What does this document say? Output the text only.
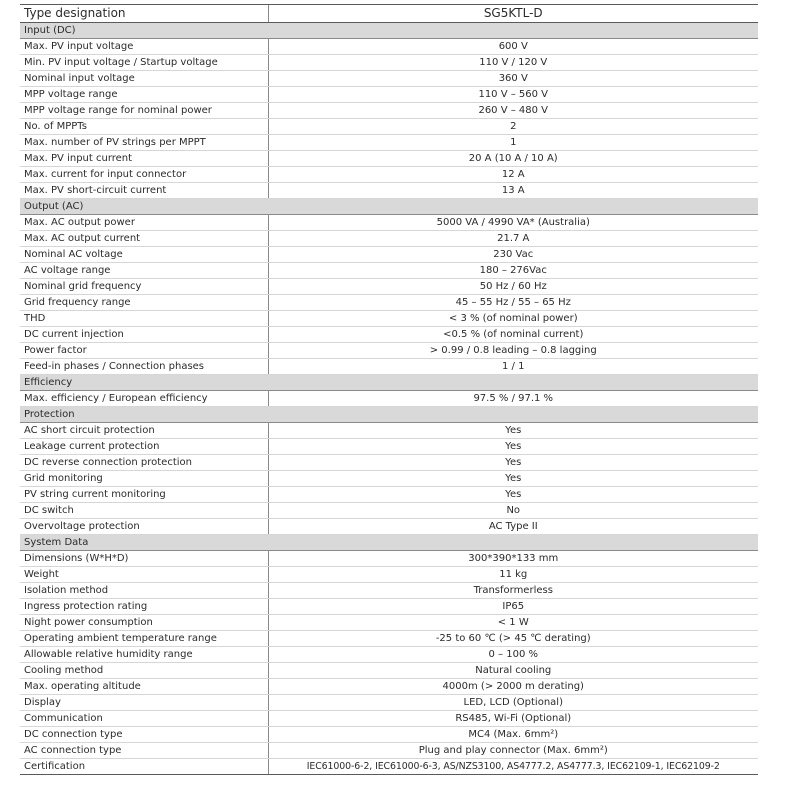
Type designation	SG5KTL-D
Input (DC)	
Max. PV input voltage	600 V
Min. PV input voltage / Startup voltage	110 V / 120 V
Nominal input voltage	360 V
MPP voltage range	110 V – 560 V
MPP voltage range for nominal power	260 V – 480 V
No. of MPPTs	2
Max. number of PV strings per MPPT	1
Max. PV input current	20 A (10 A / 10 A)
Max. current for input connector	12 A
Max. PV short-circuit current	13 A
Output (AC)	
Max. AC output power	5000 VA / 4990 VA* (Australia)
Max. AC output current	21.7 A
Nominal AC voltage	230 Vac
AC voltage range	180 – 276Vac
Nominal grid frequency	50 Hz / 60 Hz
Grid frequency range	45 – 55 Hz / 55 – 65 Hz
THD	< 3 % (of nominal power)
DC current injection	<0.5 % (of nominal current)
Power factor	> 0.99 / 0.8 leading – 0.8 lagging
Feed-in phases / Connection phases	1 / 1
Efficiency	
Max. efficiency / European efficiency	97.5 % / 97.1 %
Protection	
AC short circuit protection	Yes
Leakage current protection	Yes
DC reverse connection protection	Yes
Grid monitoring	Yes
PV string current monitoring	Yes
DC switch	No
Overvoltage protection	AC Type II
System Data	
Dimensions (W*H*D)	300*390*133 mm
Weight	11 kg
Isolation method	Transformerless
Ingress protection rating	IP65
Night power consumption	< 1 W
Operating ambient temperature range	-25 to 60 ℃ (> 45 ℃ derating)
Allowable relative humidity range	0 – 100 %
Cooling method	Natural cooling
Max. operating altitude	4000m (> 2000 m derating)
Display	LED, LCD (Optional)
Communication	RS485, Wi-Fi (Optional)
DC connection type	MC4 (Max. 6mm²)
AC connection type	Plug and play connector (Max. 6mm²)
Certification	IEC61000-6-2, IEC61000-6-3, AS/NZS3100, AS4777.2, AS4777.3, IEC62109-1, IEC62109-2
